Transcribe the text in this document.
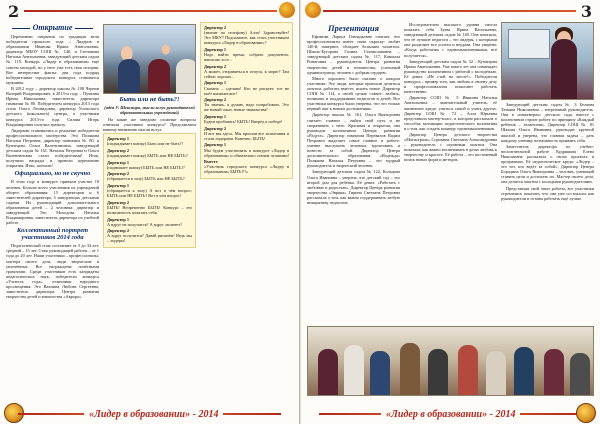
2
Открытие

Церемонию открытия по традиции вели победители прошлого года – Лидеров в образовании Иванова Ирина Анатольевна, директор МБОУ СОШ № 140, и Степанова Наталья Анатольевна, заведующий детским садом № 119. Конкурс «Лидер в образовании» ещё совсем молодой, но у него уже есть своя история. Вот интересные факты: два года подряд победителями городского конкурса становятся мужчины.

В 2012 году – директор школы № 108 Чернов Валерий Владимирович, в 2013-м году – Пучкина Ирина Николаевна, заместитель директора гимназии № 80. Победителем конкурса 2013 года стала Ольга Леонидовна, директор Усольского детского (школьного) центра, а участники конкурса 2013-го года Сильва Игорь Владимирович получил грамоту.

Лидерами становились и реальные победители профессионального мастерства. Это Полякова Наталья Петровна, директор гимназии № 80, и Кузнецова Ольга Валентиновна, заведующий детским садом № 161. Наталья Петровна и Ольга Валентиновна стали победителями! Итак, получили награды и провели церемонию открытия. Итак, поехали!

Официально, но не скучно

В этом году в конкурсе приняли участие 18 человек. Больше всего участников из учреждений общего образования: 15 директоров и 6 заместителей директора, 3 заведующих детскими садами. Их руководящий дополнительного образования детей – 2 человека: директор и заведующий. Это Молодова Наталья Владимировна, заместитель директора по учебной работе.

Коллективный портрет участников 2014 года

Педагогический стаж составляет от 5 до 34 лет, средний – 15 лет. Стаж руководящей работы – от 1 года до 20 лет. Наши участники – профессионалы, мастера своего дела, люди творческие и увлечённые. Все награждены почётными грамотами. Среди участников есть кандидаты педагогических наук, победители конкурса «Учитель года», отличники народного просвещения. Это Вахнина Любовь Сергеевна, заместитель директора Центра развития творчества детей и юношества «Аврора».

Быть или не быть?!
(идея У. Шекспира, мысли вслух руководителей образовательных учреждений)

На какие же заведомо сложные вопросы отвечали участники конкурса? Представляем вашему вниманию мысли вслух.

Директор 1
(подкидывает шапку) Быть или не быть?!
Директор 2
(подкидывает шапку) БЫТЬ или НЕ БЫТЬ?
Директор 1
(поднимает шапку) БЫТЬ или НЕ БЫТЬ!?
Директор 2
(обращается к залу) БЫТЬ или НЕ БЫТЬ?
Директор 1
(обращается к залу) А вот в чём вопрос: БЫТЬ или НЕ БЫТЬ? Вот в чём вопрос!
Директор 2
БЫТЬ! Непременно БЫТЬ! Конкурс – это возможность показать себя.
Директор 1
А вдруг не получится? А вдруг засмеют?
Директор 2
А вдруг получится? Давай рискнём! Ведь мы – лидеры!
Директор 2
(звонит по телефону) Алло! Здравствуйте! Это МКУ? Подскажите, как стать участником конкурса «Лидер в образовании»?
Директор 1
Надо найти время, собрать документы, написать эссе...
Директор 2
А может, отправиться в отпуск, к морю? Там сейчас хорошо...
Директор 1
Сказано – сделано! Кто не рискует, тот не пьёт шампанское!
Директор 2
Ты знаешь, я думаю, надо попробовать. Это же новый опыт, новые знакомства!
Директор 1
Будем пробовать! БЫТЬ! Вперёд к победе!
Директор 2
И вот мы здесь. Мы прошли все испытания и стали лидерами. Конечно, БЫТЬ!
Директор 1
Мы будем участвовать в конкурсе «Лидер в образовании» и обязательно станем лучшими!
Вместе
«Участник городского конкурса «Лидер в образовании» БЫТЬ!!!»
«Лидер в образовании» - 2014
3
Презентация

Ефимова Лариса Геннадьевна считает, что профессионализм имеет свою окраску: любит 140-й, наверное, обладает большим талантом. Шмаль-Бугорова Галина Станиславовна – заведующий детским садом № 117, Камилла Ринатовна – руководитель Центра развития творчества детей и юношества, успешный администратор, человек с добрым сердцем.

Много хорошего было сказано о каждом участнике. Это люди, которые приехали делиться опытом, работать вместе, искать новое. Директор СОШ № 114, а своей целью ставит: любить, понимать и поддерживать педагогов и детей. Все участники конкурса были уверены, что это только первый шаг к новым достижениям.

Директор школы № 161, Ольга Викторовна считает: главное – найти свой путь и не сворачивать с него. Красивая и открытая, она руководит коллективом Центра развития «Радуга». Директор гимназии Перевалов Вадим Петрович выделяет самое главное в работе: умение выслушать человека, вдохновить и повести за собой. Директор Центра дополнительного образования «Надежда» Полякова Наталья Петровна – это мудрый руководитель и творческий человек.

Заведующий детским садом № 122, Кольцова Ольга Ивановна – уверена, что детский сад – это второй дом для ребёнка. Её девиз: «Работать с любовью и радостью». Директор Центра развития творчества «Эврика» Гирина Светлана Петровна рассказала о том, как важно поддерживать любую инициативу педагогов.

Исследователем высокого уровня смогла показать себя Зуева Ирина Васильевна, заведующий детским садом № 140. Она показала, что её лучшие педагоги – это лидеры, с которыми она разделяет все успехи и неудачи. Она уверена: «Когда работаешь с единомышленниками, всё получается».

Заведующий детским садом № 32 – Кузнецова Ирина Анатольевна. Уже много лет она совмещает руководство коллективом с работой с молодёжью. Её девиз: «Не стой на месте!». Победители конкурса – пример того, как любовь к своему делу и профессионализм помогают работать качественно.

Директор СОШ № 5 Ивакина Наталья Анатольевна – замечательный учитель, её жизненное кредо: учиться самой и учить других. Директор СОШ № 72 – Алла Юрьевна представила мастер-класс, в котором рассказала о способах мотивации педагогического коллектива и о том, как создать команду единомышленников.

Директор Центра детского творчества «Магистраль» Сорокина Светлана Александровна – руководитель с огромным опытом. Она показала, как важно воспитывать в детях любовь к творчеству и красоте. Её работа – это постоянный поиск новых форм и методов.

Заведующий детским садом № 3 Беляева Татьяна Николаевна – энергичный руководитель. Она в «инженерах» детского сада, вместе с коллективом строит работу по принципу «Каждый ребёнок – талантлив». Директор СОШ № 81 Шахова Ольга Ивановна, руководит крупной школой и уверена, что главная задача – дать каждому ученику возможность проявить себя.

Заместитель директора по учебно-воспитательной работе Кудряшова Елена Николаевна рассказала о своих проектах и программах. Её педагогическое кредо: «Лидер – это тот, кто ведёт за собой». Директор Центра Бородина Ольга Викторовна – человек, умеющий ставить цели и достигать их. Мастер своего дела, она делится опытом с молодыми руководителями.

Представляя свой опыт работы, все участники стремились показать, что они уже состоялись как руководители и готовы работать ещё лучше.

«Лидер в образовании» - 2014
